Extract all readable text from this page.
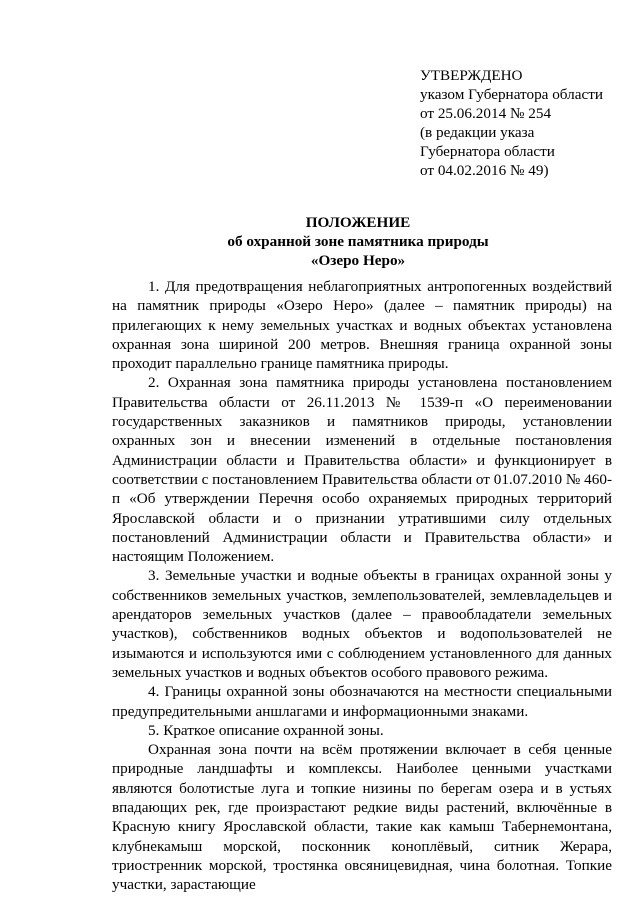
УТВЕРЖДЕНО
указом Губернатора области
от 25.06.2014 № 254
(в редакции указа
Губернатора области
от 04.02.2016 № 49)
ПОЛОЖЕНИЕ
об охранной зоне памятника природы
«Озеро Неро»

1. Для предотвращения неблагоприятных антропогенных воздействий на памятник природы «Озеро Неро» (далее – памятник природы) на прилегающих к нему земельных участках и водных объектах установлена охранная зона шириной 200 метров. Внешняя граница охранной зоны проходит параллельно границе памятника природы.

2. Охранная зона памятника природы установлена постановлением Правительства области от 26.11.2013 № 1539-п «О переименовании государственных заказников и памятников природы, установлении охранных зон и внесении изменений в отдельные постановления Администрации области и Правительства области» и функционирует в соответствии с постановлением Правительства области от 01.07.2010 № 460-п «Об утверждении Перечня особо охраняемых природных территорий Ярославской области и о признании утратившими силу отдельных постановлений Администрации области и Правительства области» и настоящим Положением.

3. Земельные участки и водные объекты в границах охранной зоны у собственников земельных участков, землепользователей, землевладельцев и арендаторов земельных участков (далее – правообладатели земельных участков), собственников водных объектов и водопользователей не изымаются и используются ими с соблюдением установленного для данных земельных участков и водных объектов особого правового режима.

4. Границы охранной зоны обозначаются на местности специальными предупредительными аншлагами и информационными знаками.

5. Краткое описание охранной зоны.

Охранная зона почти на всём протяжении включает в себя ценные природные ландшафты и комплексы. Наиболее ценными участками являются болотистые луга и топкие низины по берегам озера и в устьях впадающих рек, где произрастают редкие виды растений, включённые в Красную книгу Ярославской области, такие как камыш Табернемонтана, клубнекамыш морской, посконник коноплёвый, ситник Жерара, триостренник морской, тростянка овсяницевидная, чина болотная. Топкие участки, зарастающие
